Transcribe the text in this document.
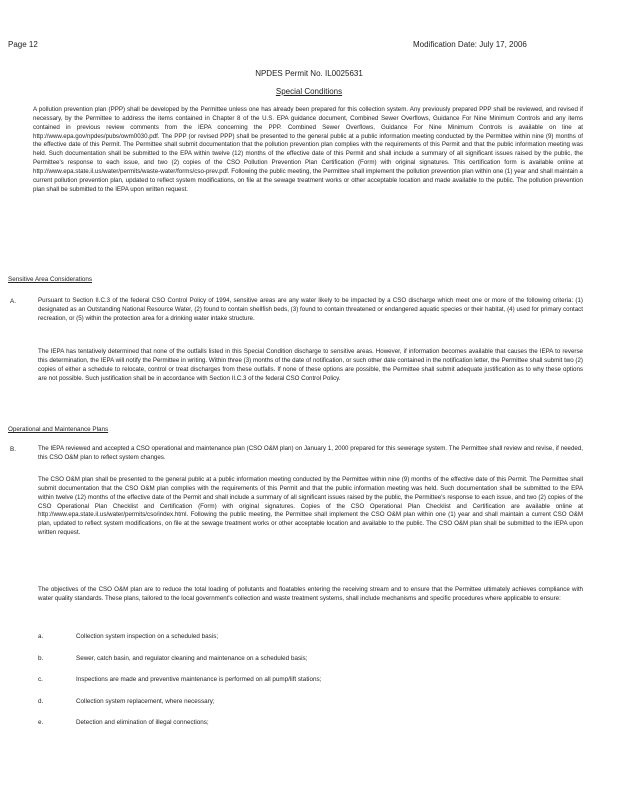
Page 12	Modification Date: July 17, 2006
NPDES Permit No. IL0025631
Special Conditions

A pollution prevention plan (PPP) shall be developed by the Permittee unless one has already been prepared for this collection system. Any previously prepared PPP shall be reviewed, and revised if necessary, by the Permittee to address the items contained in Chapter 8 of the U.S. EPA guidance document, Combined Sewer Overflows, Guidance For Nine Minimum Controls and any items contained in previous review comments from the IEPA concerning the PPP. Combined Sewer Overflows, Guidance For Nine Minimum Controls is available on line at http://www.epa.gov/npdes/pubs/owm0030.pdf. The PPP (or revised PPP) shall be presented to the general public at a public information meeting conducted by the Permittee within nine (9) months of the effective date of this Permit. The Permittee shall submit documentation that the pollution prevention plan complies with the requirements of this Permit and that the public information meeting was held. Such documentation shall be submitted to the EPA within twelve (12) months of the effective date of this Permit and shall include a summary of all significant issues raised by the public, the Permittee's response to each issue, and two (2) copies of the CSO Pollution Prevention Plan Certification (Form) with original signatures. This certification form is available online at http://www.epa.state.il.us/water/permits/waste-water/forms/cso-prev.pdf. Following the public meeting, the Permittee shall implement the pollution prevention plan within one (1) year and shall maintain a current pollution prevention plan, updated to reflect system modifications, on file at the sewage treatment works or other acceptable location and made available to the public. The pollution prevention plan shall be submitted to the IEPA upon written request.

Sensitive Area Considerations
A.	Pursuant to Section II.C.3 of the federal CSO Control Policy of 1994, sensitive areas are any water likely to be impacted by a CSO discharge which meet one or more of the following criteria: (1) designated as an Outstanding National Resource Water, (2) found to contain shellfish beds, (3) found to contain threatened or endangered aquatic species or their habitat, (4) used for primary contact recreation, or (5) within the protection area for a drinking water intake structure.

The IEPA has tentatively determined that none of the outfalls listed in this Special Condition discharge to sensitive areas. However, if information becomes available that causes the IEPA to reverse this determination, the IEPA will notify the Permittee in writing. Within three (3) months of the date of notification, or such other date contained in the notification letter, the Permittee shall submit two (2) copies of either a schedule to relocate, control or treat discharges from these outfalls. If none of these options are possible, the Permittee shall submit adequate justification as to why these options are not possible. Such justification shall be in accordance with Section II.C.3 of the federal CSO Control Policy.

Operational and Maintenance Plans
B.	The IEPA reviewed and accepted a CSO operational and maintenance plan (CSO O&M plan) on January 1, 2000 prepared for this sewerage system. The Permittee shall review and revise, if needed, this CSO O&M plan to reflect system changes.

The CSO O&M plan shall be presented to the general public at a public information meeting conducted by the Permittee within nine (9) months of the effective date of this Permit. The Permittee shall submit documentation that the CSO O&M plan complies with the requirements of this Permit and that the public information meeting was held. Such documentation shall be submitted to the EPA within twelve (12) months of the effective date of the Permit and shall include a summary of all significant issues raised by the public, the Permittee's response to each issue, and two (2) copies of the CSO Operational Plan Checklist and Certification (Form) with original signatures. Copies of the CSO Operational Plan Checklist and Certification are available online at http://www.epa.state.il.us/water/permits/cso/index.html. Following the public meeting, the Permittee shall implement the CSO O&M plan within one (1) year and shall maintain a current CSO O&M plan, updated to reflect system modifications, on file at the sewage treatment works or other acceptable location and available to the public. The CSO O&M plan shall be submitted to the IEPA upon written request.

The objectives of the CSO O&M plan are to reduce the total loading of pollutants and floatables entering the receiving stream and to ensure that the Permittee ultimately achieves compliance with water quality standards. These plans, tailored to the local government's collection and waste treatment systems, shall include mechanisms and specific procedures where applicable to ensure:

a.	Collection system inspection on a scheduled basis;
b.	Sewer, catch basin, and regulator cleaning and maintenance on a scheduled basis;
c.	Inspections are made and preventive maintenance is performed on all pump/lift stations;
d.	Collection system replacement, where necessary;
e.	Detection and elimination of illegal connections;
